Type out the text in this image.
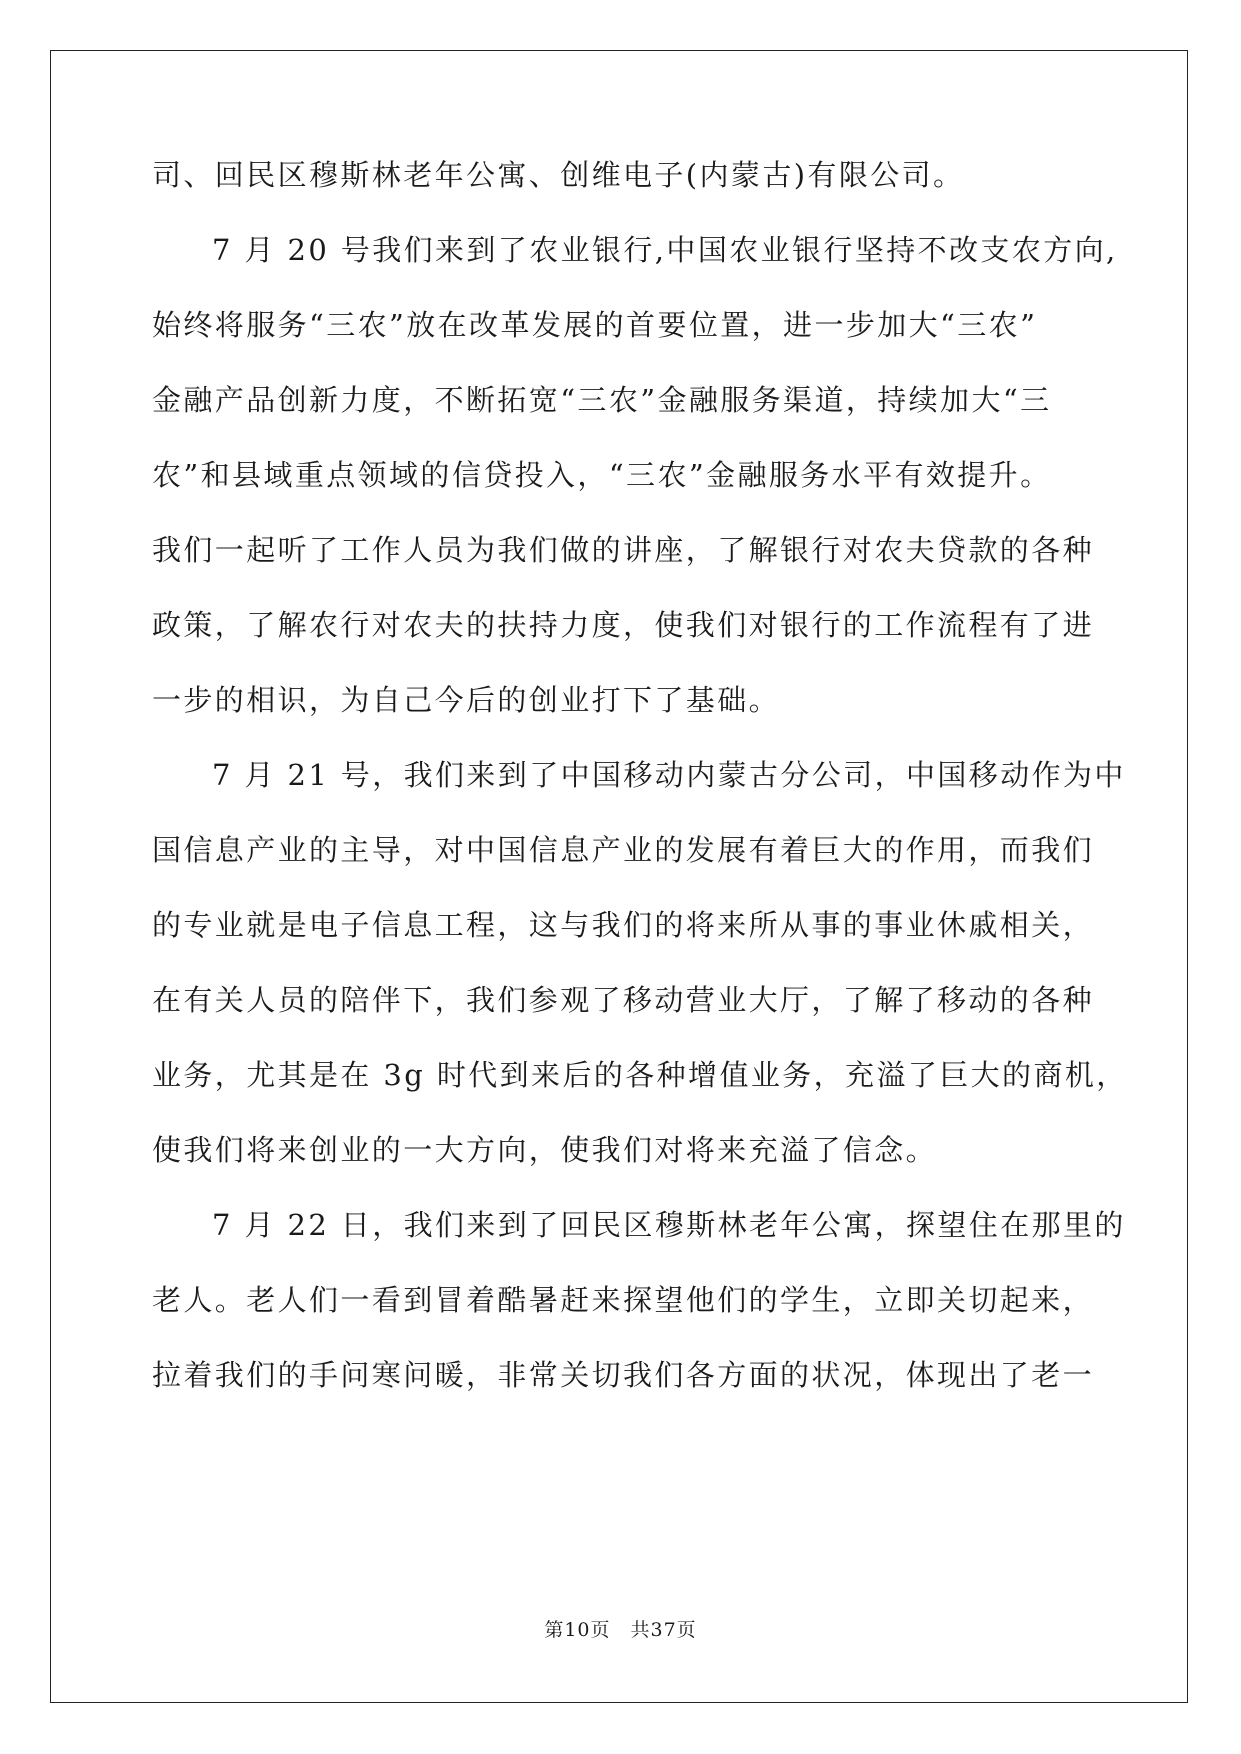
司、回民区穆斯林老年公寓、创维电子(内蒙古)有限公司。
7 月 20 号我们来到了农业银行,中国农业银行坚持不改支农方向,
始终将服务“三农”放在改革发展的首要位置，进一步加大“三农”
金融产品创新力度，不断拓宽“三农”金融服务渠道，持续加大“三
农”和县域重点领域的信贷投入，“三农”金融服务水平有效提升。
我们一起听了工作人员为我们做的讲座，了解银行对农夫贷款的各种
政策，了解农行对农夫的扶持力度，使我们对银行的工作流程有了进
一步的相识，为自己今后的创业打下了基础。
7 月 21 号，我们来到了中国移动内蒙古分公司，中国移动作为中
国信息产业的主导，对中国信息产业的发展有着巨大的作用，而我们
的专业就是电子信息工程，这与我们的将来所从事的事业休戚相关，
在有关人员的陪伴下，我们参观了移动营业大厅，了解了移动的各种
业务，尤其是在 3g 时代到来后的各种增值业务，充溢了巨大的商机，
使我们将来创业的一大方向，使我们对将来充溢了信念。
7 月 22 日，我们来到了回民区穆斯林老年公寓，探望住在那里的
老人。老人们一看到冒着酷暑赶来探望他们的学生，立即关切起来，
拉着我们的手问寒问暖，非常关切我们各方面的状况，体现出了老一
第10页　共37页
